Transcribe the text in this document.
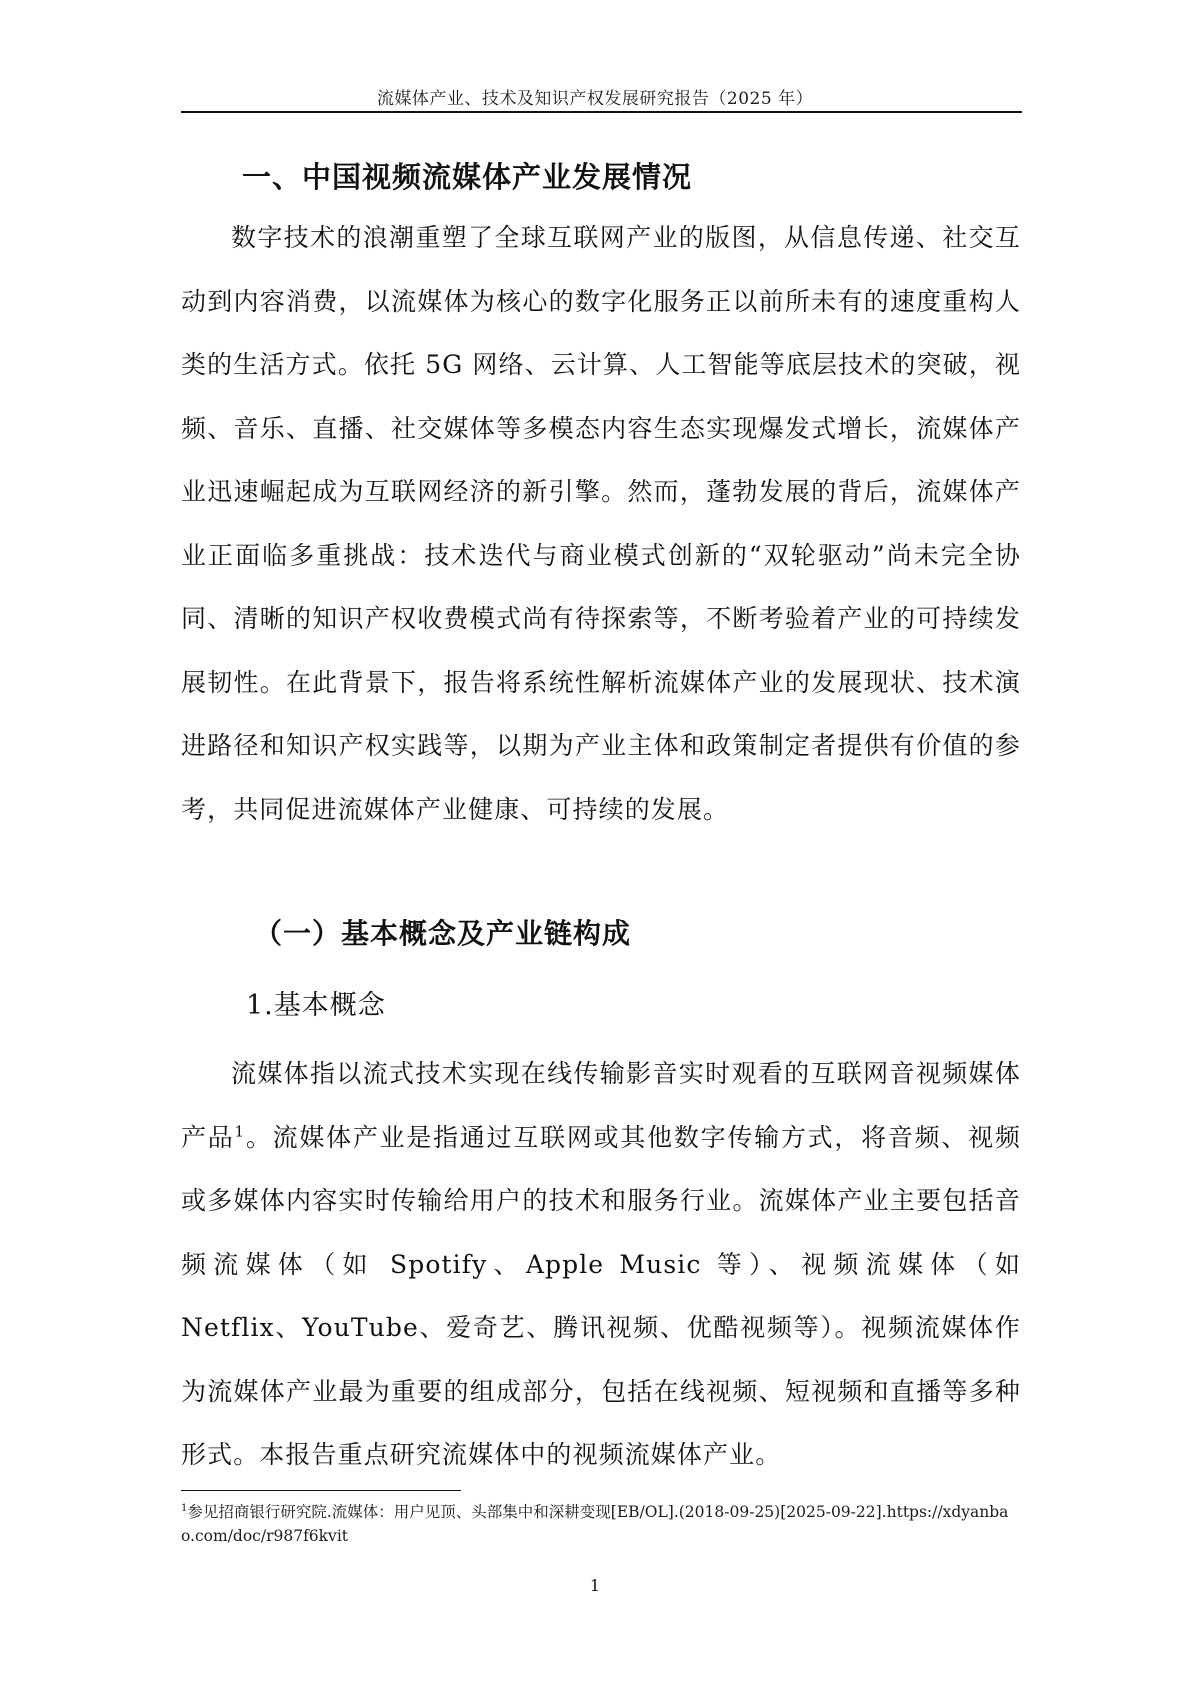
流媒体产业、技术及知识产权发展研究报告（2025 年）
一、中国视频流媒体产业发展情况

数字技术的浪潮重塑了全球互联网产业的版图，从信息传递、社交互动到内容消费，以流媒体为核心的数字化服务正以前所未有的速度重构人类的生活方式。依托 5G 网络、云计算、人工智能等底层技术的突破，视频、音乐、直播、社交媒体等多模态内容生态实现爆发式增长，流媒体产业迅速崛起成为互联网经济的新引擎。然而，蓬勃发展的背后，流媒体产业正面临多重挑战：技术迭代与商业模式创新的“双轮驱动”尚未完全协同、清晰的知识产权收费模式尚有待探索等，不断考验着产业的可持续发展韧性。在此背景下，报告将系统性解析流媒体产业的发展现状、技术演进路径和知识产权实践等，以期为产业主体和政策制定者提供有价值的参考，共同促进流媒体产业健康、可持续的发展。

（一）基本概念及产业链构成
1.基本概念

流媒体指以流式技术实现在线传输影音实时观看的互联网音视频媒体产品$^1$。流媒体产业是指通过互联网或其他数字传输方式，将音频、视频或多媒体内容实时传输给用户的技术和服务行业。流媒体产业主要包括音频流媒体（如 Spotify、Apple Music 等）、视频流媒体（如 Netflix、YouTube、爱奇艺、腾讯视频、优酷视频等）。视频流媒体作为流媒体产业最为重要的组成部分，包括在线视频、短视频和直播等多种形式。本报告重点研究流媒体中的视频流媒体产业。

$^1$参见招商银行研究院.流媒体：用户见顶、头部集中和深耕变现[EB/OL].(2018-09-25)[2025-09-22].https://xdyanbao.com/doc/r987f6kvit
1
